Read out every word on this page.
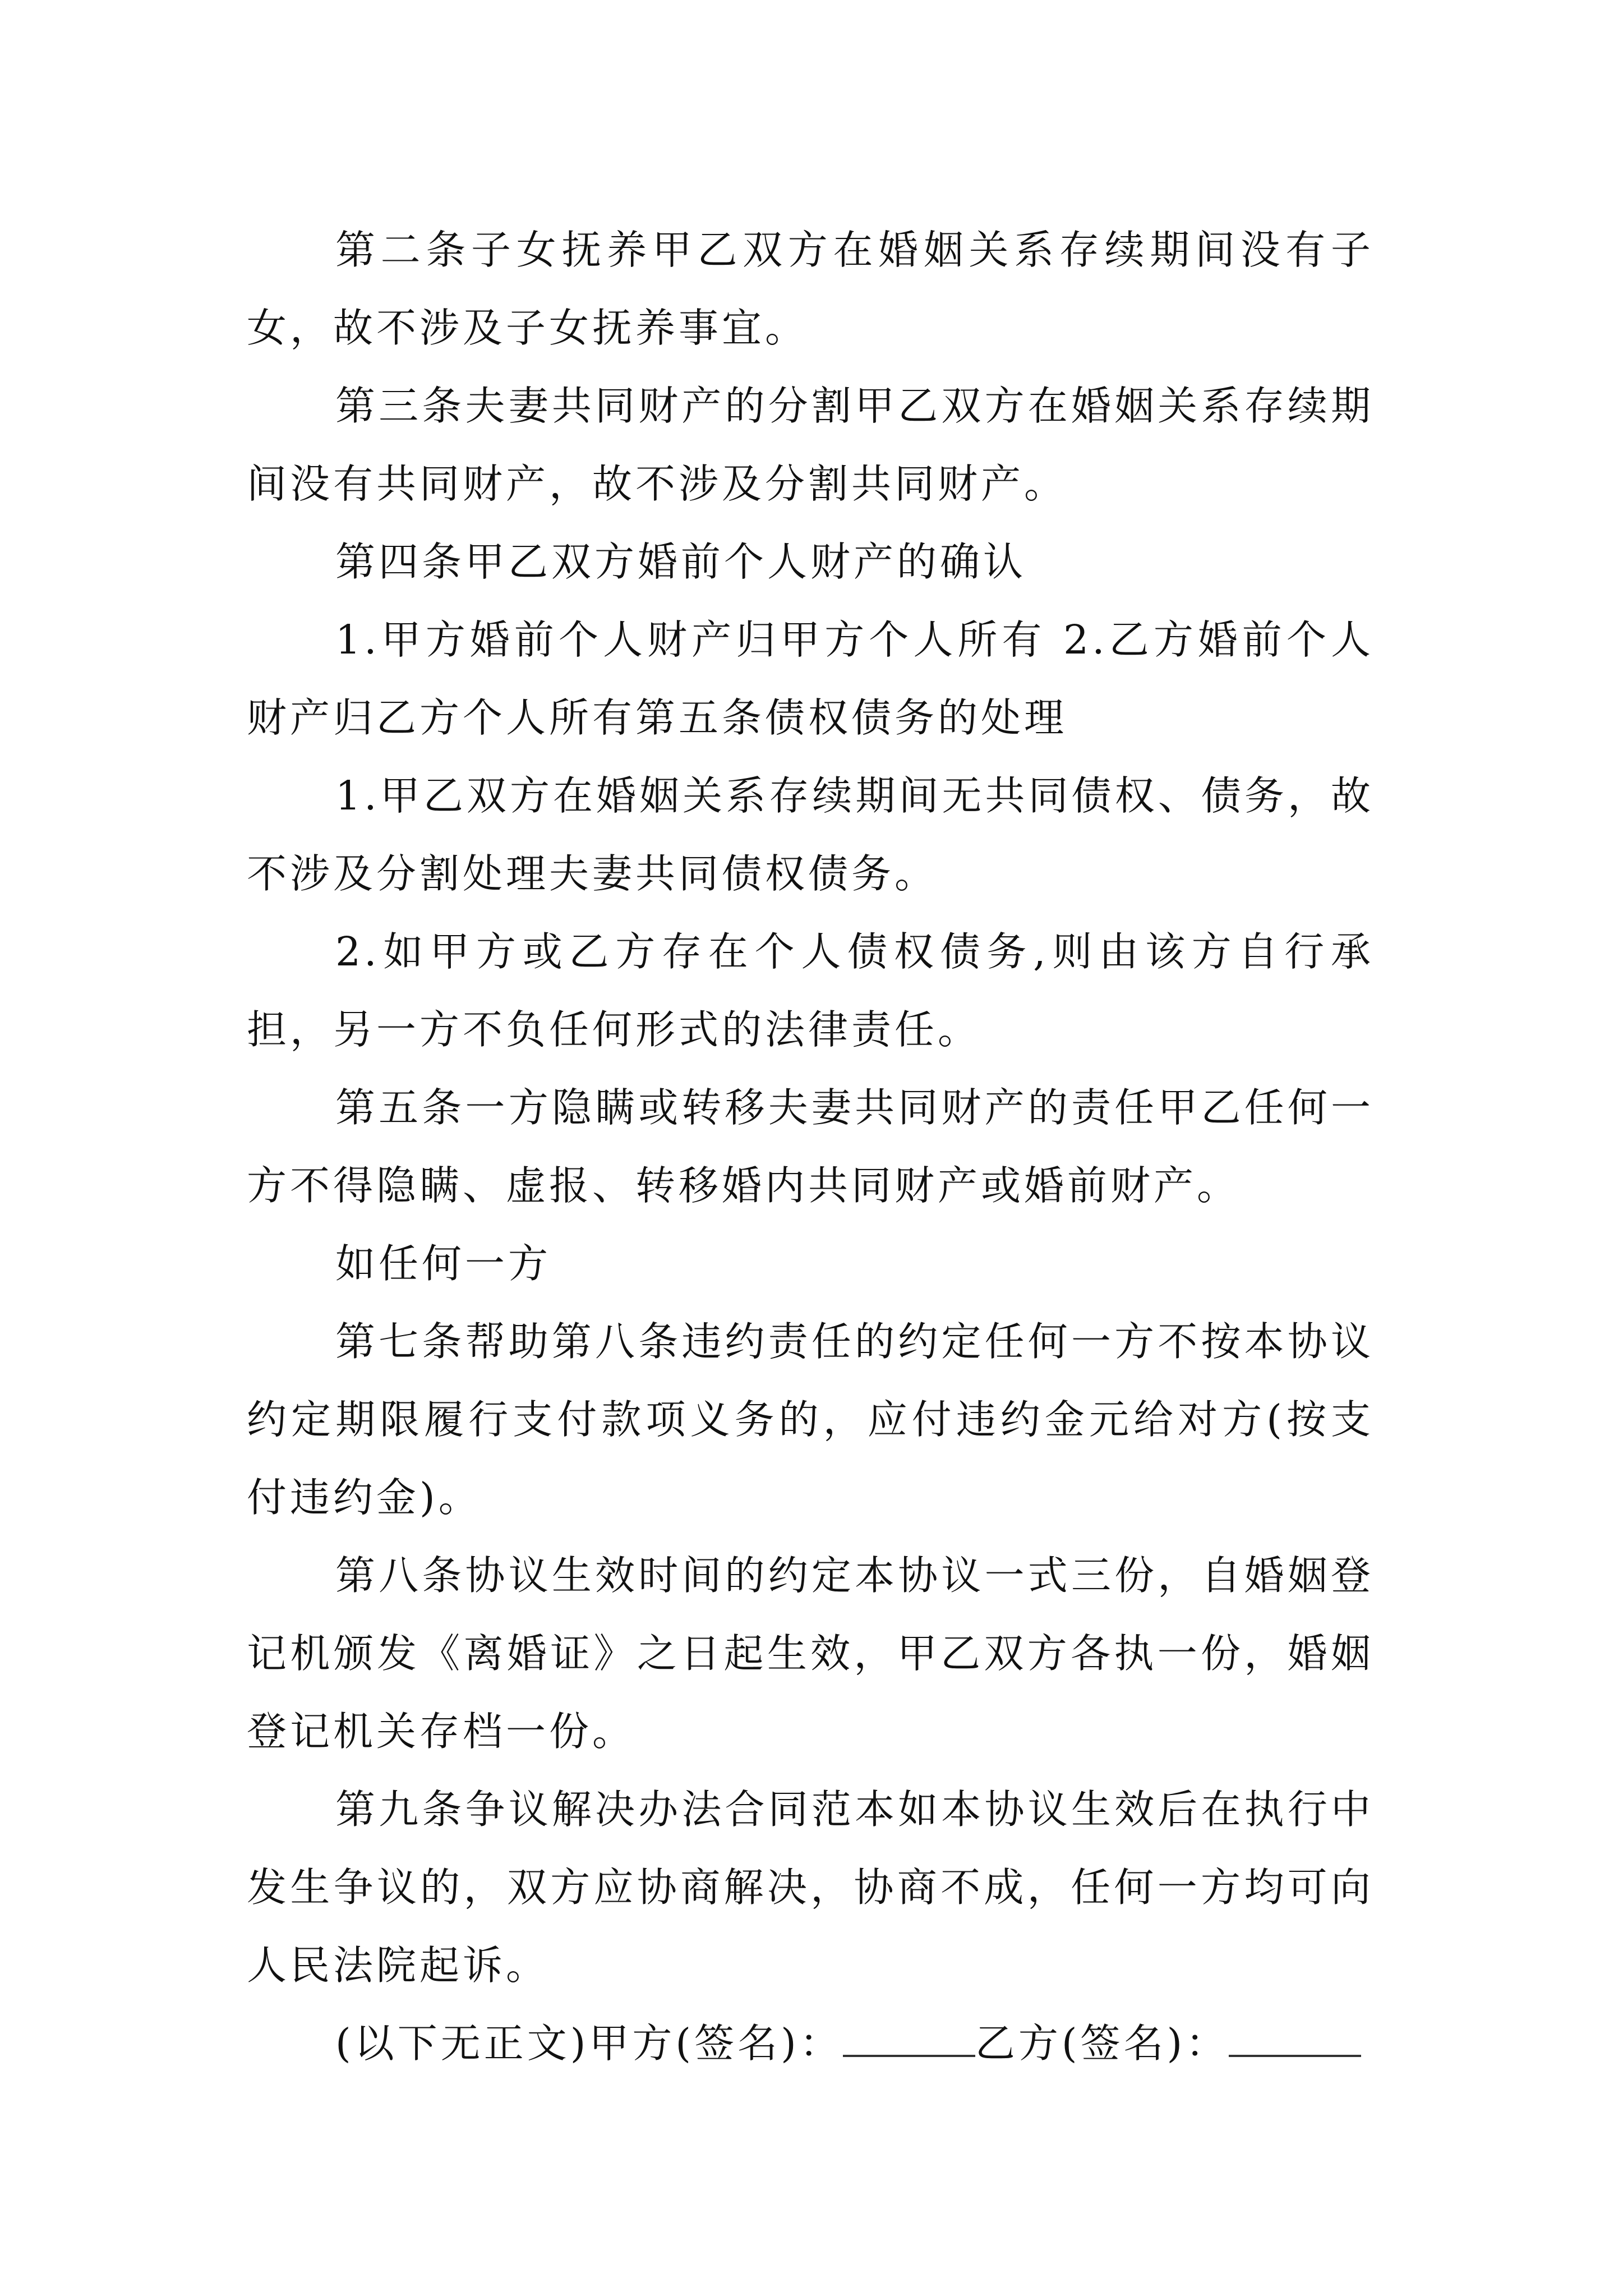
第二条子女抚养甲乙双方在婚姻关系存续期间没有子女，故不涉及子女抚养事宜。

第三条夫妻共同财产的分割甲乙双方在婚姻关系存续期间没有共同财产，故不涉及分割共同财产。

第四条甲乙双方婚前个人财产的确认

1.甲方婚前个人财产归甲方个人所有 2.乙方婚前个人财产归乙方个人所有第五条债权债务的处理

1.甲乙双方在婚姻关系存续期间无共同债权、债务，故不涉及分割处理夫妻共同债权债务。

2.如甲方或乙方存在个人债权债务,则由该方自行承担，另一方不负任何形式的法律责任。

第五条一方隐瞒或转移夫妻共同财产的责任甲乙任何一方不得隐瞒、虚报、转移婚内共同财产或婚前财产。

如任何一方

第七条帮助第八条违约责任的约定任何一方不按本协议约定期限履行支付款项义务的，应付违约金元给对方(按支付违约金)。

第八条协议生效时间的约定本协议一式三份，自婚姻登记机颁发《离婚证》之日起生效，甲乙双方各执一份，婚姻登记机关存档一份。

第九条争议解决办法合同范本如本协议生效后在执行中发生争议的，双方应协商解决，协商不成，任何一方均可向人民法院起诉。

(以下无正文)甲方(签名)：	乙方(签名)：
